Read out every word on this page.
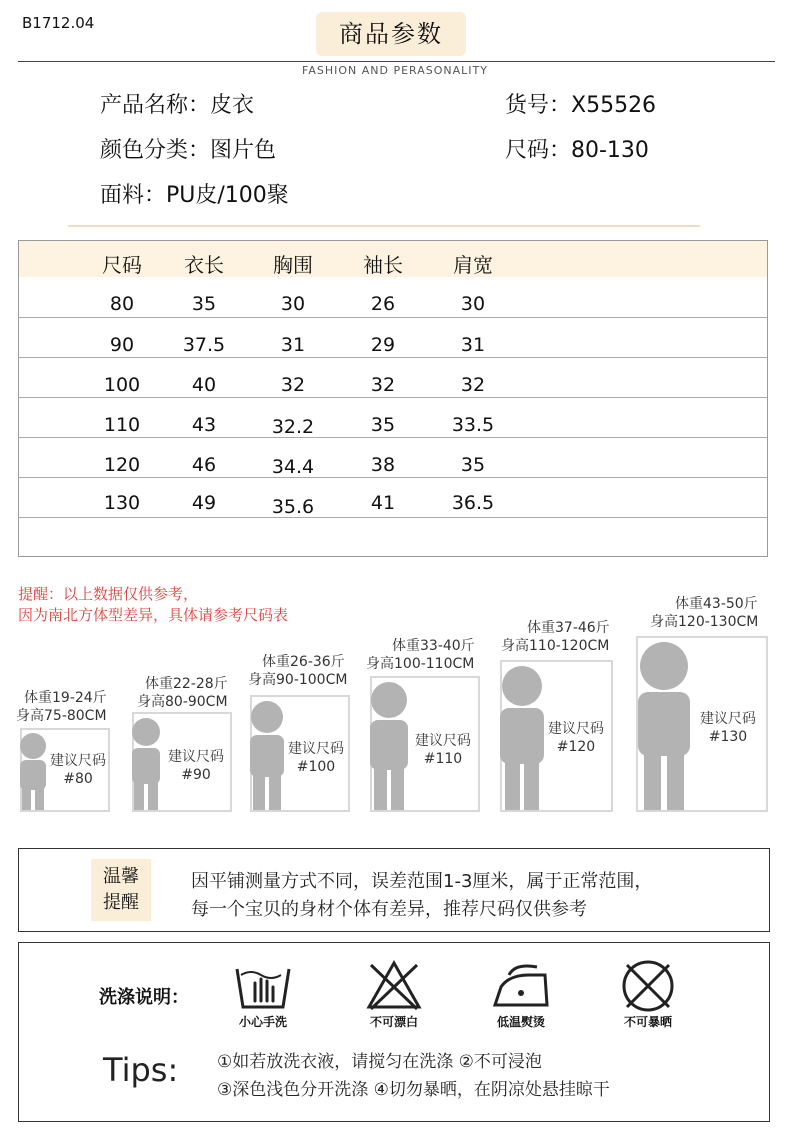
B1712.04	商品参数
FASHION AND PERASONALITY
产品名称：皮衣	货号：X55526
颜色分类：图片色	尺码：80-130
面料：PU皮/100聚
尺码	衣长	胸围	袖长	肩宽
80	35	30	26	30
90	37.5	31	29	31
100	40	32	32	32
110	43	32.2	35	33.5
120	46	34.4	38	35
130	49	35.6	41	36.5
提醒：以上数据仅供参考，
因为南北方体型差异，具体请参考尺码表
体重19-24斤
身高75-80CM
建议尺码
#80
体重22-28斤
身高80-90CM
建议尺码
#90
体重26-36斤
身高90-100CM
建议尺码
#100
体重33-40斤
身高100-110CM
建议尺码
#110
体重37-46斤
身高110-120CM
建议尺码
#120
体重43-50斤
身高120-130CM
建议尺码
#130
温馨
提醒
因平铺测量方式不同，误差范围1-3厘米，属于正常范围，
每一个宝贝的身材个体有差异，推荐尺码仅供参考
洗涤说明：
小心手洗	不可漂白	低温熨烫	不可暴晒
Tips: ①如若放洗衣液，请搅匀在洗涤 ②不可浸泡
③深色浅色分开洗涤 ④切勿暴晒，在阴凉处悬挂晾干
